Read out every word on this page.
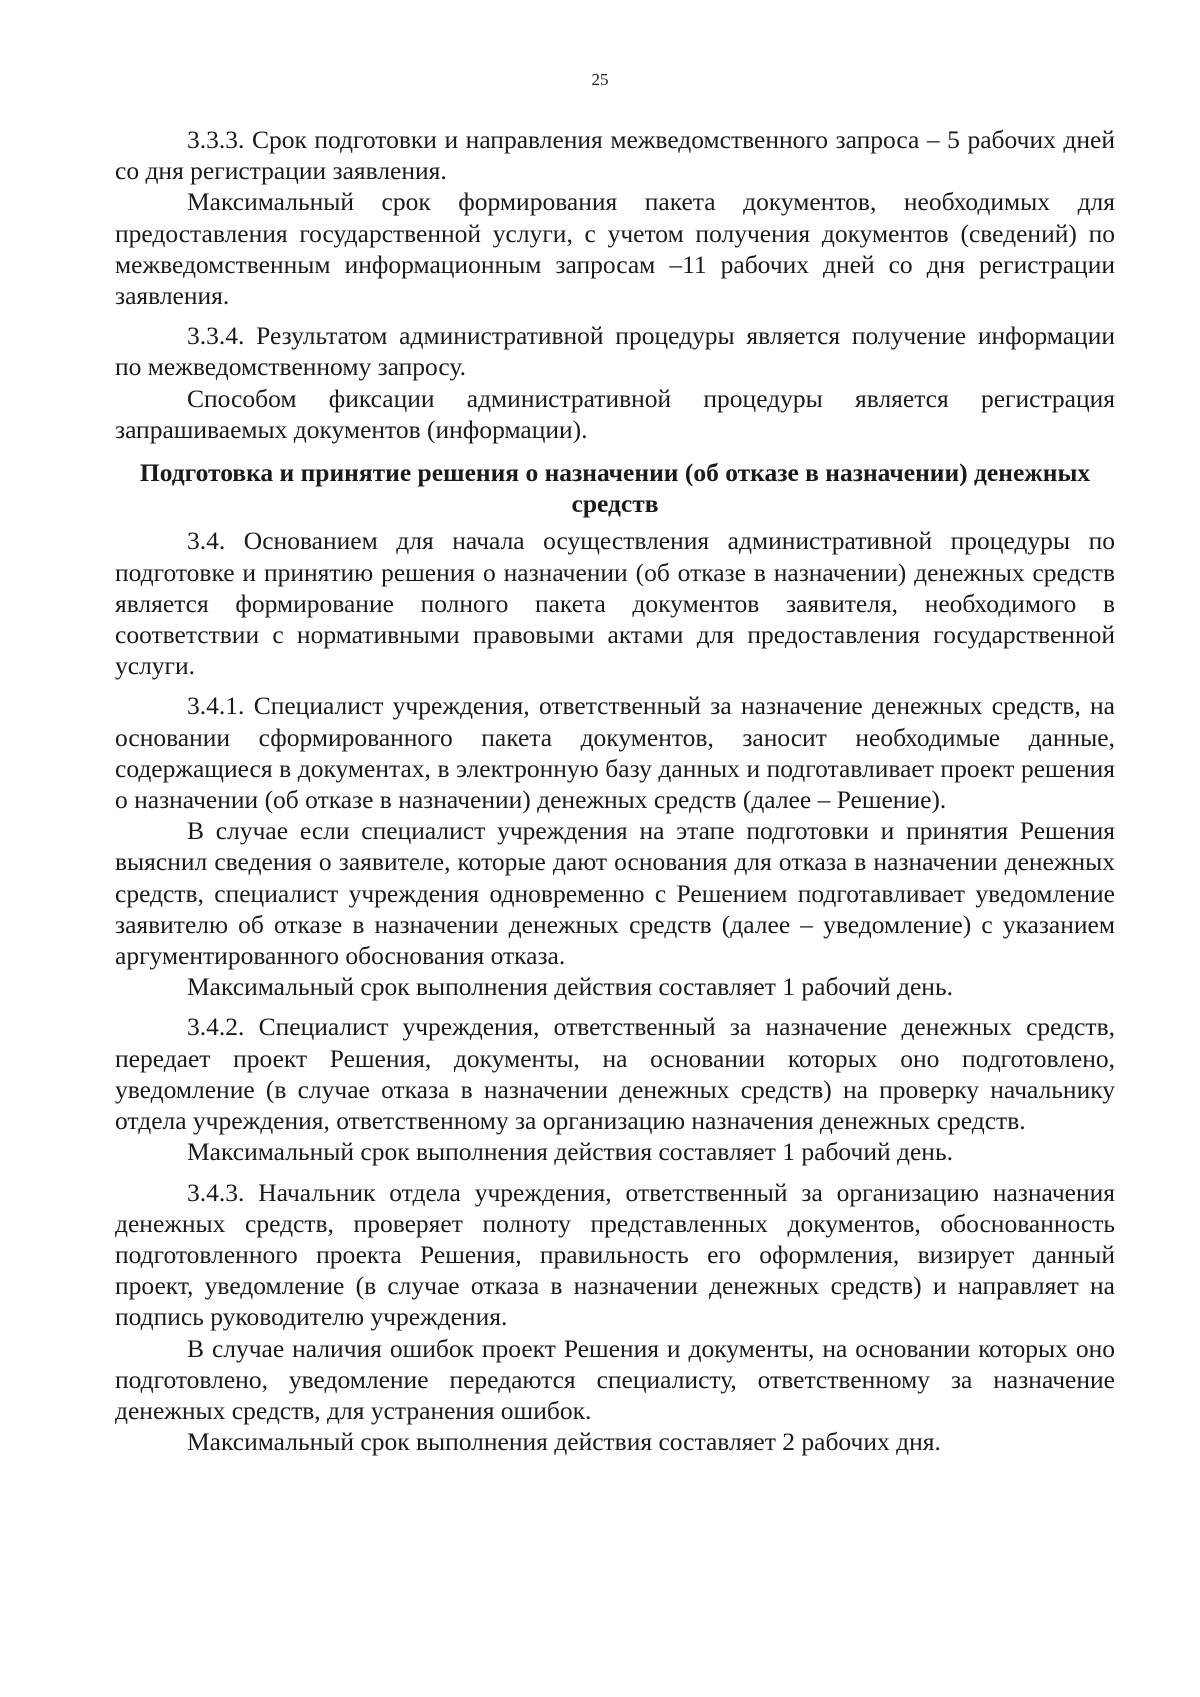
25

3.3.3. Срок подготовки и направления межведомственного запроса – 5 рабочих дней со дня регистрации заявления.

Максимальный срок формирования пакета документов, необходимых для предоставления государственной услуги, с учетом получения документов (сведений) по межведомственным информационным запросам –11 рабочих дней со дня регистрации заявления.

3.3.4. Результатом административной процедуры является получение информации по межведомственному запросу.

Способом фиксации административной процедуры является регистрация запрашиваемых документов (информации).

Подготовка и принятие решения о назначении (об отказе в назначении) денежных средств

3.4. Основанием для начала осуществления административной процедуры по подготовке и принятию решения о назначении (об отказе в назначении) денежных средств является формирование полного пакета документов заявителя, необходимого в соответствии с нормативными правовыми актами для предоставления государственной услуги.

3.4.1. Специалист учреждения, ответственный за назначение денежных средств, на основании сформированного пакета документов, заносит необходимые данные, содержащиеся в документах, в электронную базу данных и подготавливает проект решения о назначении (об отказе в назначении) денежных средств (далее – Решение).

В случае если специалист учреждения на этапе подготовки и принятия Решения выяснил сведения о заявителе, которые дают основания для отказа в назначении денежных средств, специалист учреждения одновременно с Решением подготавливает уведомление заявителю об отказе в назначении денежных средств (далее – уведомление) с указанием аргументированного обоснования отказа.

Максимальный срок выполнения действия составляет 1 рабочий день.

3.4.2. Специалист учреждения, ответственный за назначение денежных средств, передает проект Решения, документы, на основании которых оно подготовлено, уведомление (в случае отказа в назначении денежных средств) на проверку начальнику отдела учреждения, ответственному за организацию назначения денежных средств.

Максимальный срок выполнения действия составляет 1 рабочий день.

3.4.3. Начальник отдела учреждения, ответственный за организацию назначения денежных средств, проверяет полноту представленных документов, обоснованность подготовленного проекта Решения, правильность его оформления, визирует данный проект, уведомление (в случае отказа в назначении денежных средств) и направляет на подпись руководителю учреждения.

В случае наличия ошибок проект Решения и документы, на основании которых оно подготовлено, уведомление передаются специалисту, ответственному за назначение денежных средств, для устранения ошибок.

Максимальный срок выполнения действия составляет 2 рабочих дня.
